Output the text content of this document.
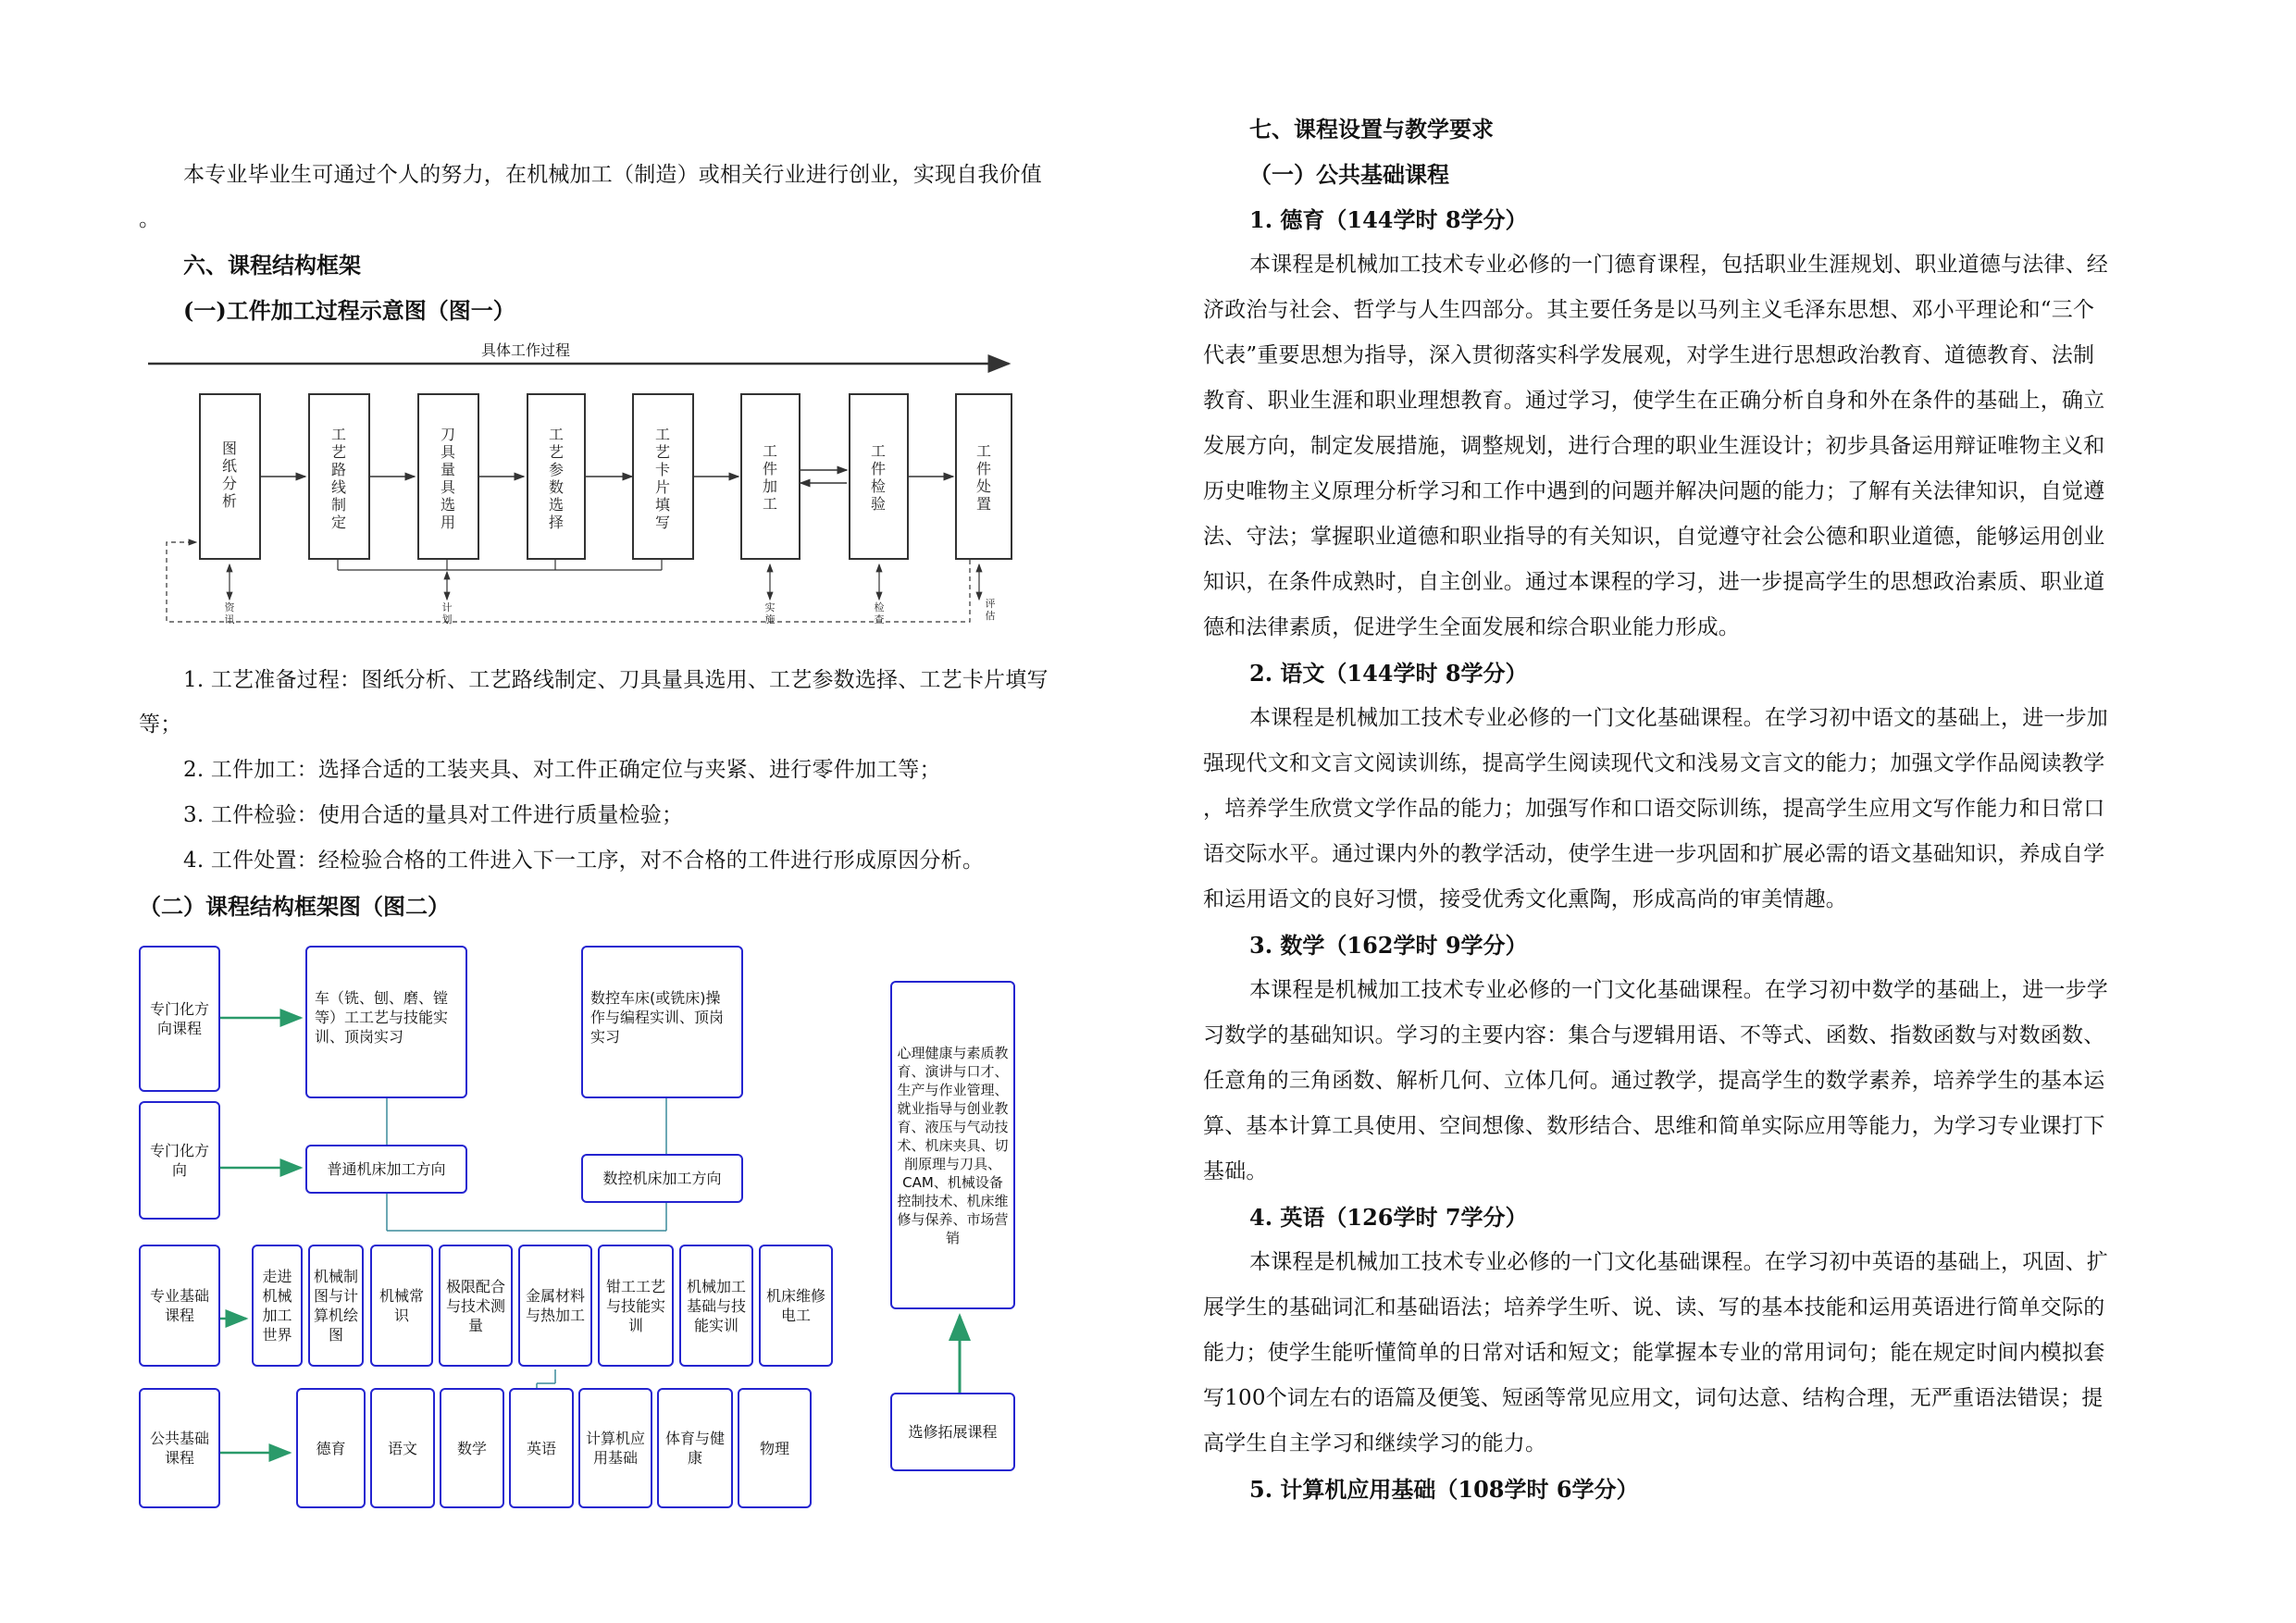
本专业毕业生可通过个人的努力，在机械加工（制造）或相关行业进行创业，实现自我价值
。
六、课程结构框架
(一)工件加工过程示意图（图一）
具体工作过程
图纸分析
工艺路线制定
刀具量具选用
工艺参数选择
工艺卡片填写
工件加工
工件检验
工件处置
资讯
计划
实施
检查
评估
1. 工艺准备过程：图纸分析、工艺路线制定、刀具量具选用、工艺参数选择、工艺卡片填写
等；
2. 工件加工：选择合适的工装夹具、对工件正确定位与夹紧、进行零件加工等；
3. 工件检验：使用合适的量具对工件进行质量检验；
4. 工件处置：经检验合格的工件进入下一工序，对不合格的工件进行形成原因分析。
（二）课程结构框架图（图二）
专门化方向课程
车（铣、刨、磨、镗等）工工艺与技能实训、顶岗实习
数控车床(或铣床)操作与编程实训、顶岗实习
专门化方向	普通机床加工方向
数控机床加工方向
心理健康与素质教育、演讲与口才、生产与作业管理、就业指导与创业教育、液压与气动技术、机床夹具、切削原理与刀具、CAM、机械设备控制技术、机床维修与保养、市场营销
选修拓展课程
专业基础课程
走进机械加工世界
机械制图与计算机绘图
机械常识
极限配合与技术测量
金属材料与热加工
钳工工艺与技能实训
机械加工基础与技能实训
机床维修电工
公共基础课程
德育	语文	数学	英语
计算机应用基础
体育与健康
物理
七、课程设置与教学要求
（一）公共基础课程
1. 德育（144学时 8学分）
本课程是机械加工技术专业必修的一门德育课程，包括职业生涯规划、职业道德与法律、经
济政治与社会、哲学与人生四部分。其主要任务是以马列主义毛泽东思想、邓小平理论和“三个
代表”重要思想为指导，深入贯彻落实科学发展观，对学生进行思想政治教育、道德教育、法制
教育、职业生涯和职业理想教育。通过学习，使学生在正确分析自身和外在条件的基础上，确立
发展方向，制定发展措施，调整规划，进行合理的职业生涯设计；初步具备运用辩证唯物主义和
历史唯物主义原理分析学习和工作中遇到的问题并解决问题的能力；了解有关法律知识，自觉遵
法、守法；掌握职业道德和职业指导的有关知识，自觉遵守社会公德和职业道德，能够运用创业
知识，在条件成熟时，自主创业。通过本课程的学习，进一步提高学生的思想政治素质、职业道
德和法律素质，促进学生全面发展和综合职业能力形成。
2. 语文（144学时 8学分）
本课程是机械加工技术专业必修的一门文化基础课程。在学习初中语文的基础上，进一步加
强现代文和文言文阅读训练，提高学生阅读现代文和浅易文言文的能力；加强文学作品阅读教学
，培养学生欣赏文学作品的能力；加强写作和口语交际训练，提高学生应用文写作能力和日常口
语交际水平。通过课内外的教学活动，使学生进一步巩固和扩展必需的语文基础知识，养成自学
和运用语文的良好习惯，接受优秀文化熏陶，形成高尚的审美情趣。
3. 数学（162学时 9学分）
本课程是机械加工技术专业必修的一门文化基础课程。在学习初中数学的基础上，进一步学
习数学的基础知识。学习的主要内容：集合与逻辑用语、不等式、函数、指数函数与对数函数、
任意角的三角函数、解析几何、立体几何。通过教学，提高学生的数学素养，培养学生的基本运
算、基本计算工具使用、空间想像、数形结合、思维和简单实际应用等能力，为学习专业课打下
基础。
4. 英语（126学时 7学分）
本课程是机械加工技术专业必修的一门文化基础课程。在学习初中英语的基础上，巩固、扩
展学生的基础词汇和基础语法；培养学生听、说、读、写的基本技能和运用英语进行简单交际的
能力；使学生能听懂简单的日常对话和短文；能掌握本专业的常用词句；能在规定时间内模拟套
写100个词左右的语篇及便笺、短函等常见应用文，词句达意、结构合理，无严重语法错误；提
高学生自主学习和继续学习的能力。
5. 计算机应用基础（108学时 6学分）
